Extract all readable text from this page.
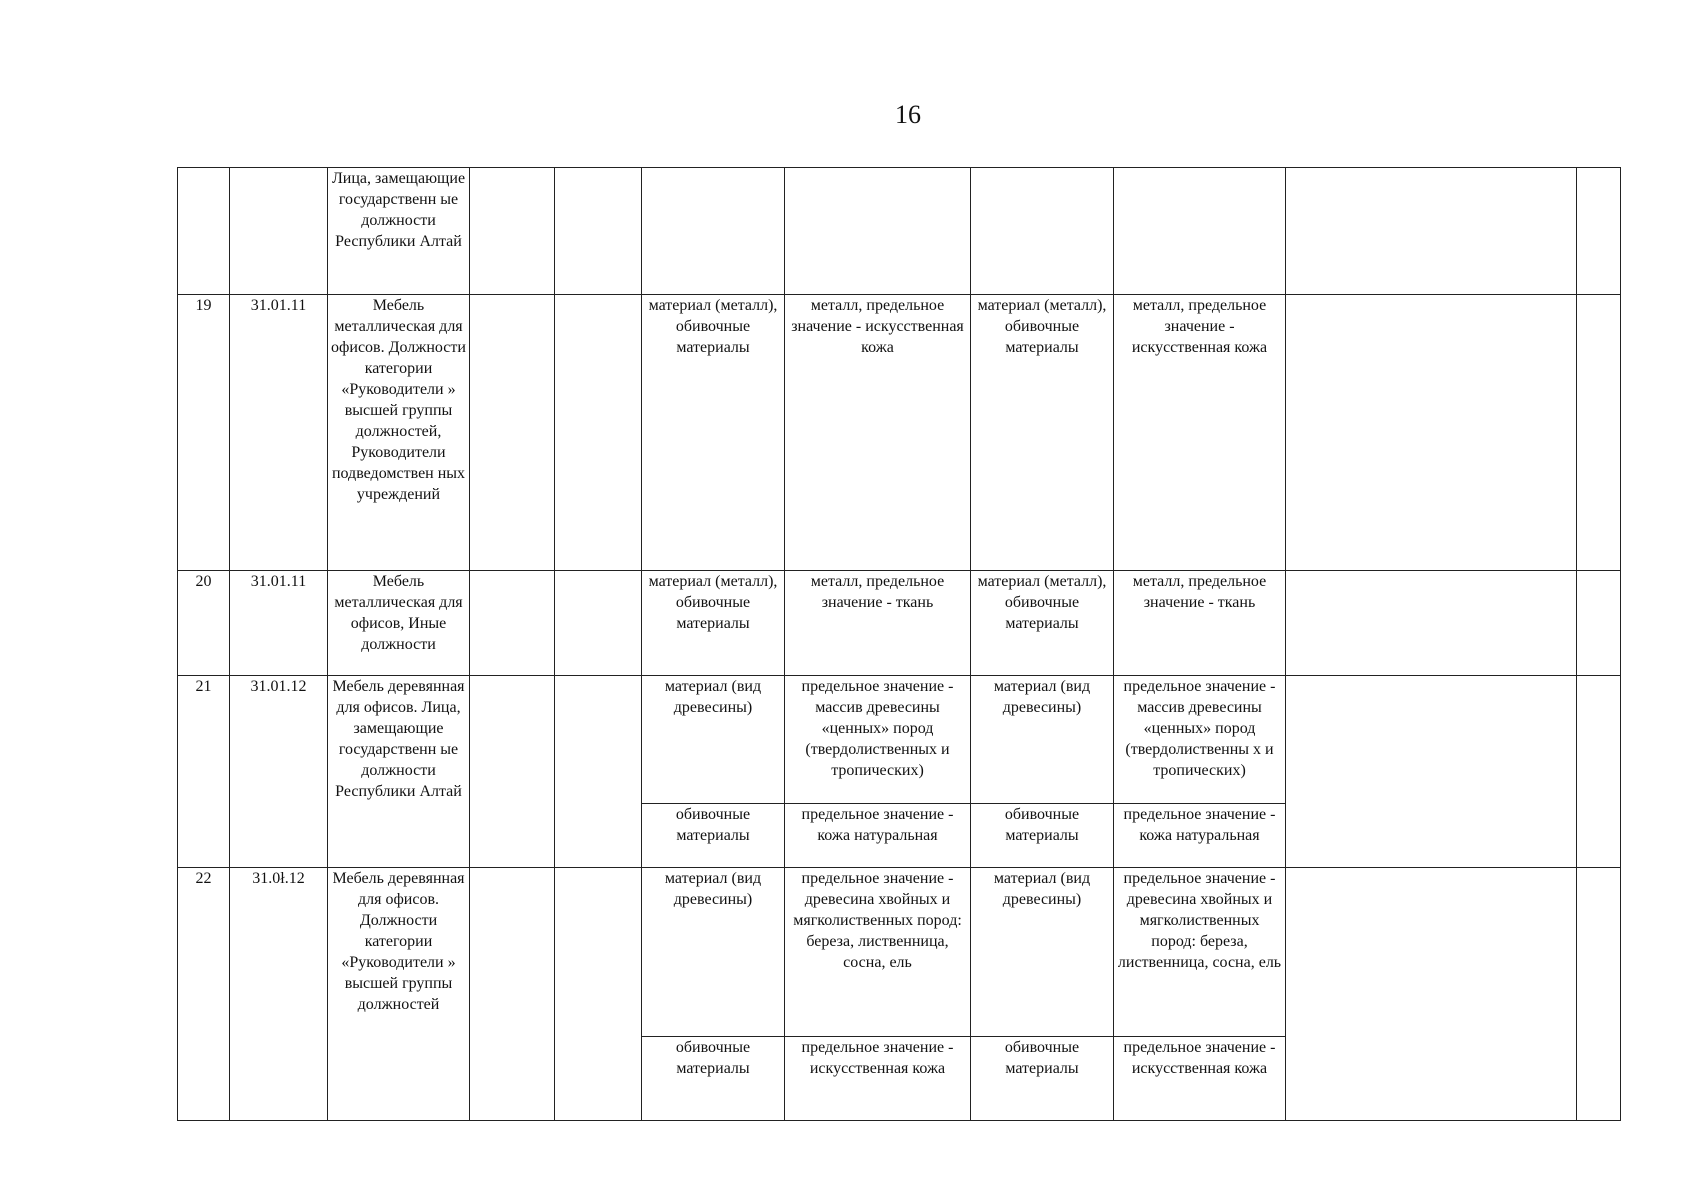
16
		Лица, замещающие государственн ые должности Республики Алтай								
19	31.01.11	Мебель металлическая для офисов. Должности категории «Руководители » высшей группы должностей, Руководители подведомствен ных учреждений			материал (металл), обивочные материалы	металл, предельное значение - искусственная кожа	материал (металл), обивочные материалы	металл, предельное значение - искусственная кожа		
20	31.01.11	Мебель металлическая для офисов, Иные должности			материал (металл), обивочные материалы	металл, предельное значение - ткань	материал (металл), обивочные материалы	металл, предельное значение - ткань		
21	31.01.12	Мебель деревянная для офисов. Лица, замещающие государственн ые должности Республики Алтай			материал (вид древесины)	предельное значение - массив древесины «ценных» пород (твердолиственных и тропических)	материал (вид древесины)	предельное значение - массив древесины «ценных» пород (твердолиственны х и тропических)		
					обивочные материалы	предельное значение - кожа натуральная	обивочные материалы	предельное значение - кожа натуральная		
22	31.0ł.12	Мебель деревянная для офисов. Должности категории «Руководители » высшей группы должностей			материал (вид древесины)	предельное значение - древесина хвойных и мягколиственных пород: береза, лиственница, сосна, ель	материал (вид древесины)	предельное значение - древесина хвойных и мягколиственных пород: береза, лиственница, сосна, ель		
					обивочные материалы	предельное значение - искусственная кожа	обивочные материалы	предельное значение - искусственная кожа		
